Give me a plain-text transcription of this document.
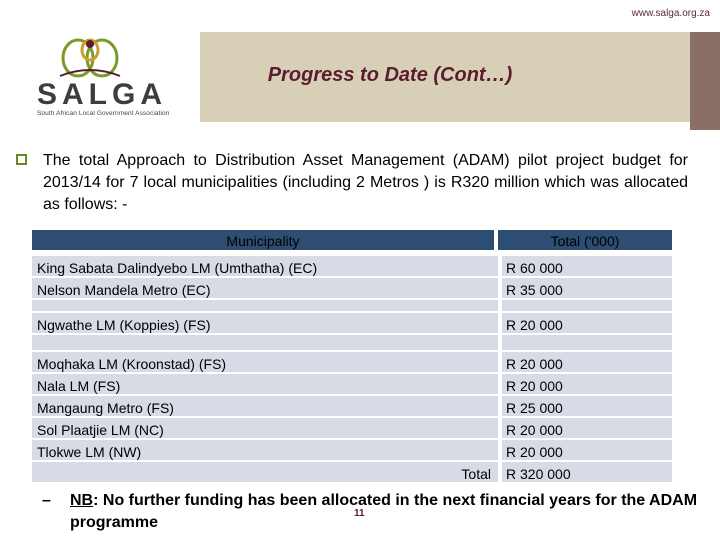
www.salga.org.za
SALGA
South African Local Government Association
Progress to Date (Cont…)
The total Approach to Distribution Asset Management (ADAM) pilot project budget for 2013/14 for 7 local municipalities (including 2 Metros ) is R320 million which was allocated as follows: -
Municipality	Total ('000)
King Sabata Dalindyebo LM (Umthatha) (EC)	R 60 000
Nelson Mandela Metro (EC)	R 35 000
Ngwathe LM (Koppies) (FS)	R 20 000
Moqhaka LM (Kroonstad) (FS)	R 20 000
Nala LM (FS)	R 20 000
Mangaung Metro (FS)	R 25 000
Sol Plaatjie LM (NC)	R 20 000
Tlokwe LM (NW)	R 20 000
Total	R 320 000
– NB: No further funding has been allocated in the next financial years for the ADAM programme
11
